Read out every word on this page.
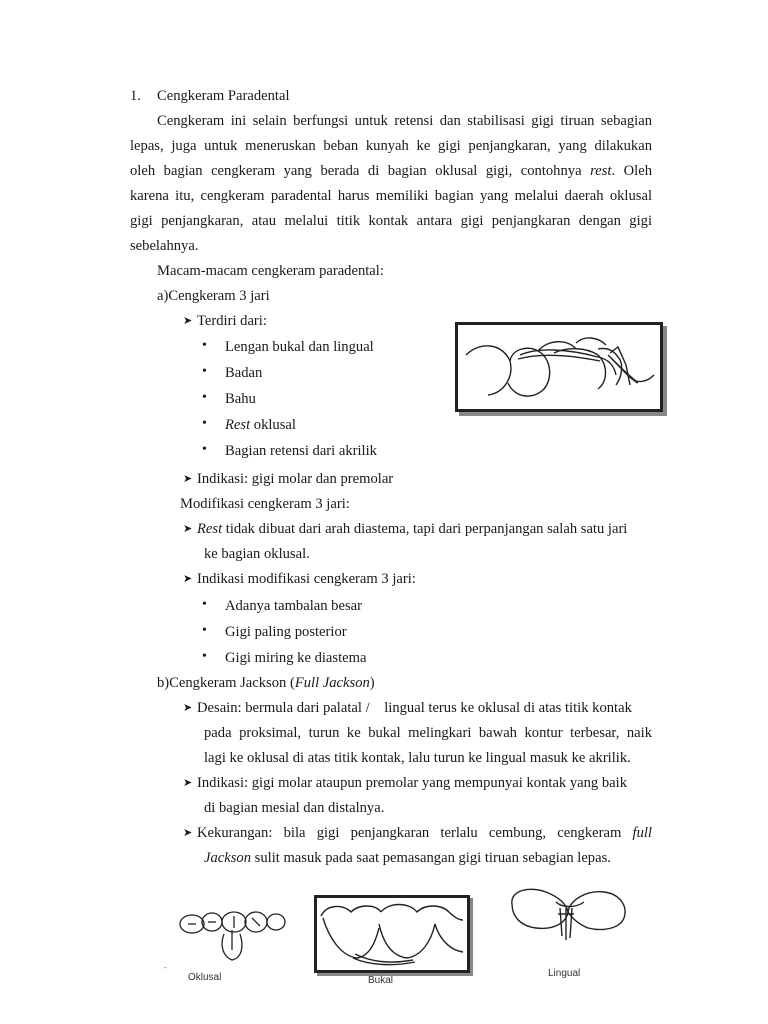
1. Cengkeram Paradental
Cengkeram ini selain berfungsi untuk retensi dan stabilisasi gigi tiruan sebagian
lepas, juga untuk meneruskan beban kunyah ke gigi penjangkaran, yang dilakukan
oleh bagian cengkeram yang berada di bagian oklusal gigi, contohnya rest. Oleh
karena itu, cengkeram paradental harus memiliki bagian yang melalui daerah oklusal
gigi penjangkaran, atau melalui titik kontak antara gigi penjangkaran dengan gigi
sebelahnya.
Macam-macam cengkeram paradental:
a)Cengkeram 3 jari
➤ Terdiri dari:
• Lengan bukal dan lingual
• Badan
• Bahu
• Rest oklusal
• Bagian retensi dari akrilik
➤ Indikasi: gigi molar dan premolar
Modifikasi cengkeram 3 jari:
➤ Rest tidak dibuat dari arah diastema, tapi dari perpanjangan salah satu jari
ke bagian oklusal.
➤ Indikasi modifikasi cengkeram 3 jari:
• Adanya tambalan besar
• Gigi paling posterior
• Gigi miring ke diastema
b)Cengkeram Jackson (Full Jackson)
➤ Desain: bermula dari palatal /    lingual terus ke oklusal di atas titik kontak
pada proksimal, turun ke bukal melingkari bawah kontur terbesar, naik
lagi ke oklusal di atas titik kontak, lalu turun ke lingual masuk ke akrilik.
➤ Indikasi: gigi molar ataupun premolar yang mempunyai kontak yang baik
di bagian mesial dan distalnya.
➤ Kekurangan: bila gigi penjangkaran terlalu cembung, cengkeram full
Jackson sulit masuk pada saat pemasangan gigi tiruan sebagian lepas.
-
Oklusal	Bukal
Lingual
